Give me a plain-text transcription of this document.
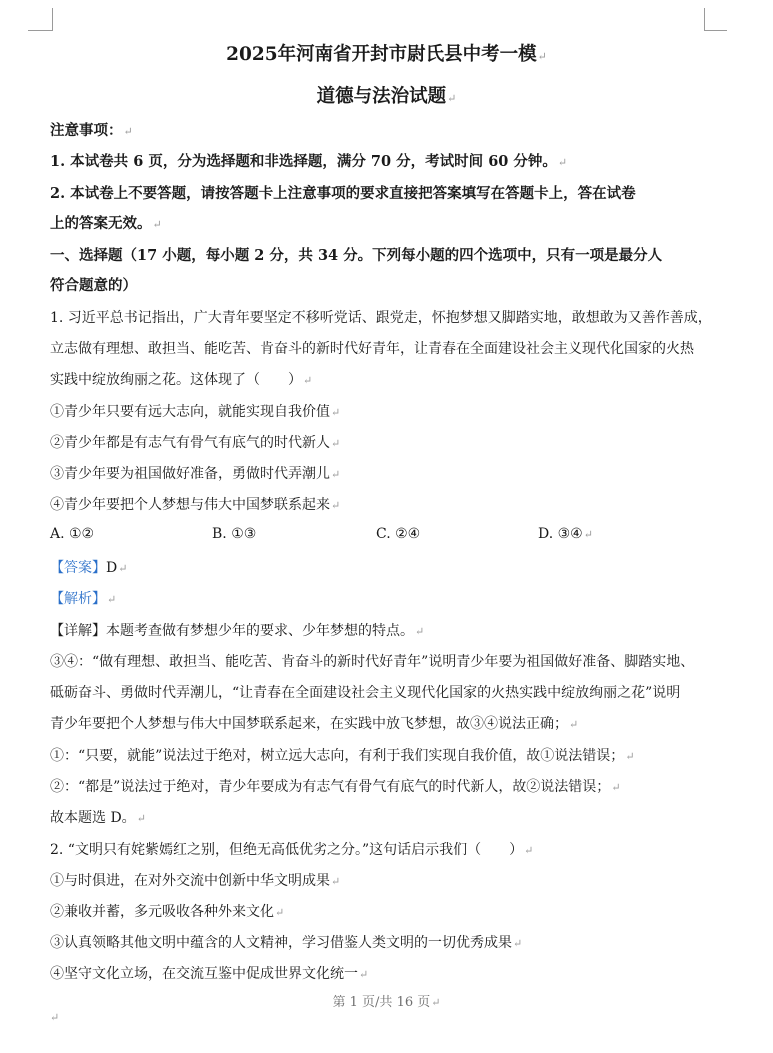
2025年河南省开封市尉氏县中考一模↵
道德与法治试题↵
注意事项：↵
1. 本试卷共 6 页，分为选择题和非选择题，满分 70 分，考试时间 60 分钟。↵
2. 本试卷上不要答题，请按答题卡上注意事项的要求直接把答案填写在答题卡上，答在试卷
上的答案无效。↵
一、选择题（17 小题，每小题 2 分，共 34 分。下列每小题的四个选项中，只有一项是最分人
符合题意的）
1. 习近平总书记指出，广大青年要坚定不移听党话、跟党走，怀抱梦想又脚踏实地，敢想敢为又善作善成，
立志做有理想、敢担当、能吃苦、肯奋斗的新时代好青年，让青春在全面建设社会主义现代化国家的火热
实践中绽放绚丽之花。这体现了（　　）↵
①青少年只要有远大志向，就能实现自我价值↵
②青少年都是有志气有骨气有底气的时代新人↵
③青少年要为祖国做好准备，勇做时代弄潮儿↵
④青少年要把个人梦想与伟大中国梦联系起来↵
A. ①②	B. ①③	C. ②④	D. ③④↵
【答案】D↵
【解析】↵
【详解】本题考查做有梦想少年的要求、少年梦想的特点。↵
③④：“做有理想、敢担当、能吃苦、肯奋斗的新时代好青年”说明青少年要为祖国做好准备、脚踏实地、
砥砺奋斗、勇做时代弄潮儿，“让青春在全面建设社会主义现代化国家的火热实践中绽放绚丽之花”说明
青少年要把个人梦想与伟大中国梦联系起来，在实践中放飞梦想，故③④说法正确；↵
①：“只要，就能”说法过于绝对，树立远大志向，有利于我们实现自我价值，故①说法错误；↵
②：“都是”说法过于绝对，青少年要成为有志气有骨气有底气的时代新人，故②说法错误；↵
故本题选 D。↵
2. “文明只有姹紫嫣红之别，但绝无高低优劣之分。”这句话启示我们（　　）↵
①与时俱进，在对外交流中创新中华文明成果↵
②兼收并蓄，多元吸收各种外来文化↵
③认真领略其他文明中蕴含的人文精神，学习借鉴人类文明的一切优秀成果↵
④坚守文化立场，在交流互鉴中促成世界文化统一↵
第 1 页/共 16 页↵
↵
